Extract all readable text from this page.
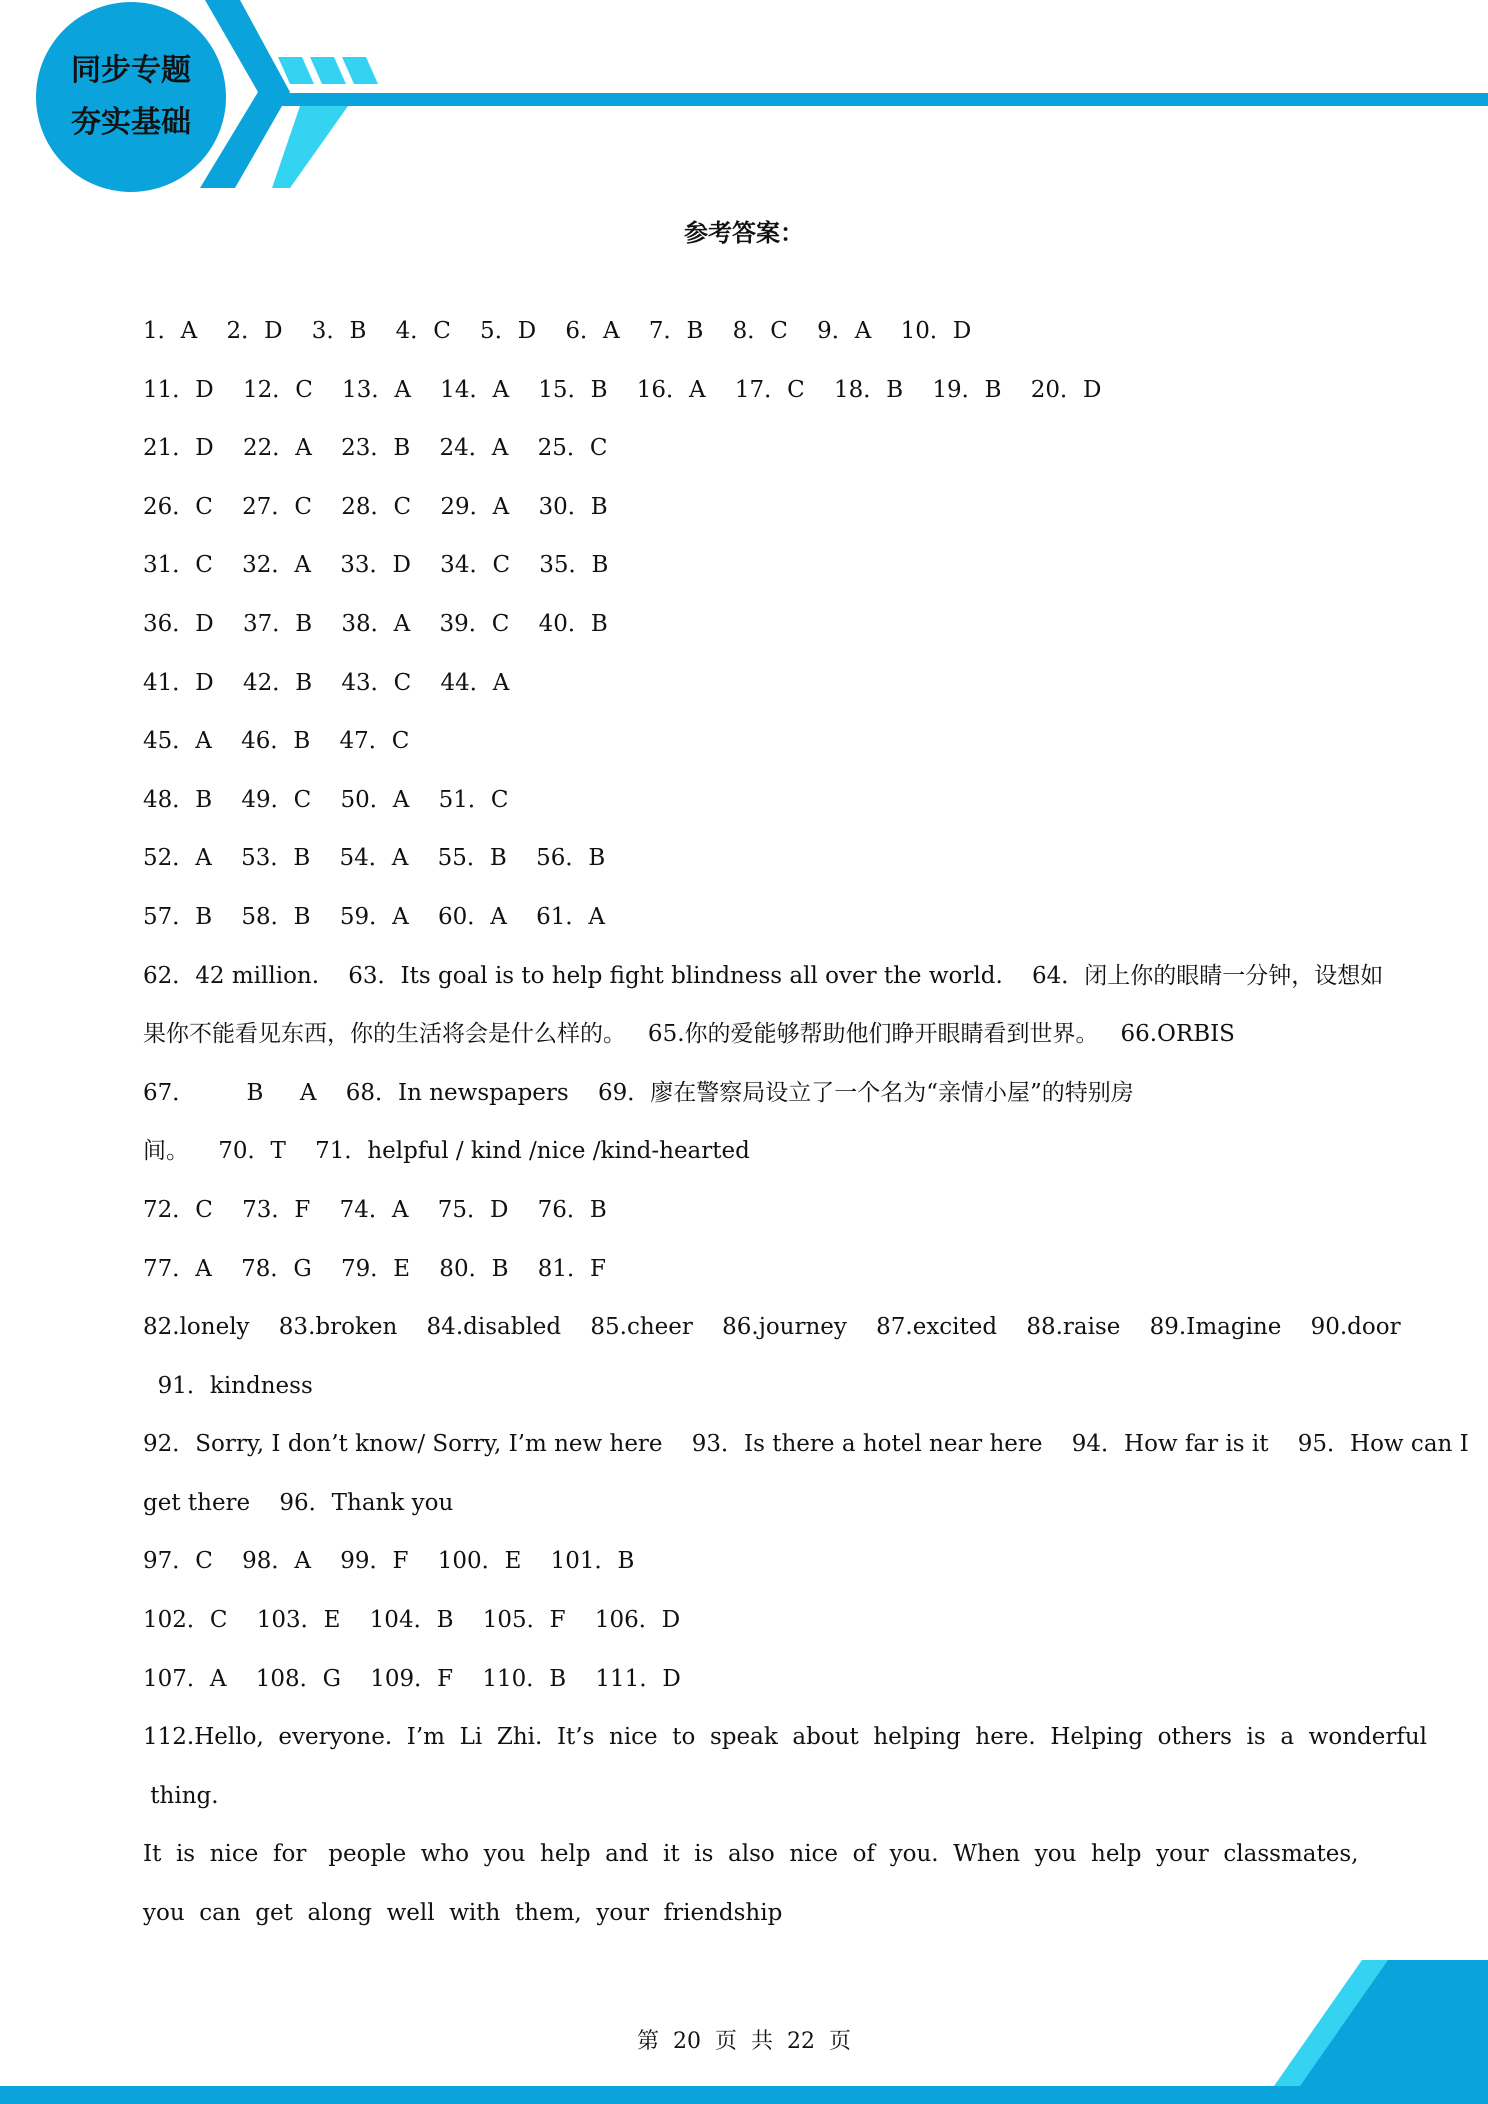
同步专题
夯实基础
参考答案：
1．A    2．D    3．B    4．C    5．D    6．A    7．B    8．C    9．A    10．D
11．D    12．C    13．A    14．A    15．B    16．A    17．C    18．B    19．B    20．D
21．D    22．A    23．B    24．A    25．C
26．C    27．C    28．C    29．A    30．B
31．C    32．A    33．D    34．C    35．B
36．D    37．B    38．A    39．C    40．B
41．D    42．B    43．C    44．A
45．A    46．B    47．C
48．B    49．C    50．A    51．C
52．A    53．B    54．A    55．B    56．B
57．B    58．B    59．A    60．A    61．A
62．42 million.    63．Its goal is to help fight blindness all over the world.    64．闭上你的眼睛一分钟，设想如
果你不能看见东西，你的生活将会是什么样的。   65.你的爱能够帮助他们睁开眼睛看到世界。   66.ORBIS
67．       B     A    68．In newspapers    69．廖在警察局设立了一个名为“亲情小屋”的特别房
间。    70．T    71．helpful / kind /nice /kind-hearted
72．C    73．F    74．A    75．D    76．B
77．A    78．G    79．E    80．B    81．F
82.lonely    83.broken    84.disabled    85.cheer    86.journey    87.excited    88.raise    89.Imagine    90.door
91．kindness
92．Sorry, I don’t know/ Sorry, I’m new here    93．Is there a hotel near here    94．How far is it    95．How can I
get there    96．Thank you
97．C    98．A    99．F    100．E    101．B
102．C    103．E    104．B    105．F    106．D
107．A    108．G    109．F    110．B    111．D
112.Hello,  everyone.  I’m  Li  Zhi.  It’s  nice  to  speak  about  helping  here.  Helping  others  is  a  wonderful
thing.
It  is  nice  for   people  who  you  help  and  it  is  also  nice  of  you.  When  you  help  your  classmates,
you  can  get  along  well  with  them,  your  friendship
第  20  页  共  22  页
